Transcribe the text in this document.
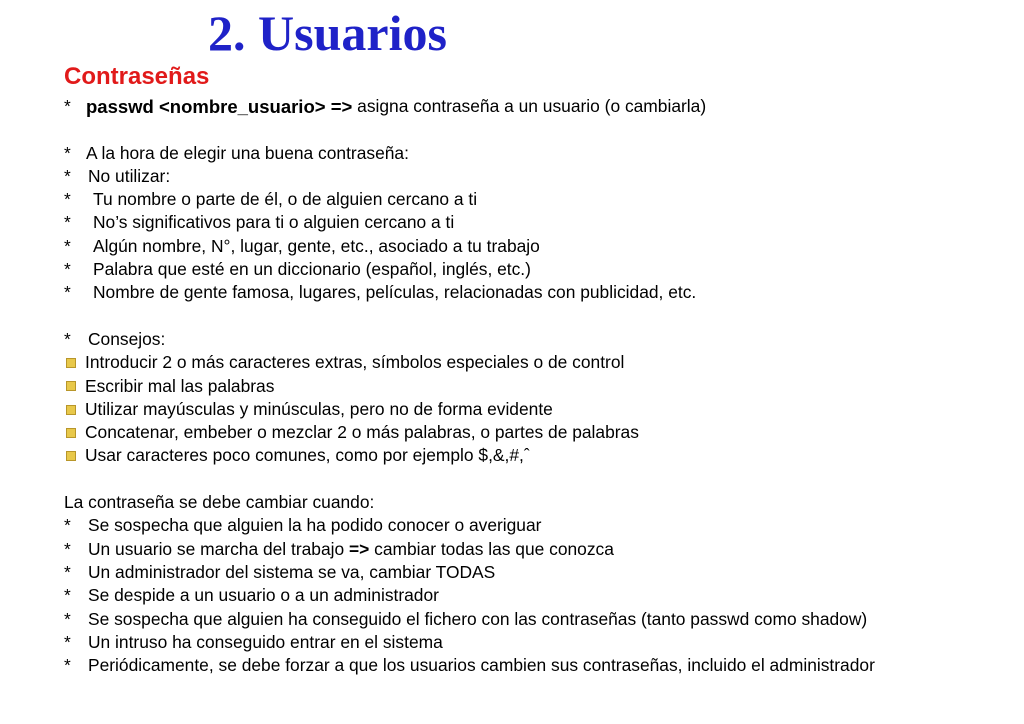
2. Usuarios
Contraseñas
* passwd <nombre_usuario> => asigna contraseña a un usuario (o cambiarla)
* A la hora de elegir una buena contraseña:
* No utilizar:
*	Tu nombre o parte de él, o de alguien cercano a ti
*	No’s significativos para ti o alguien cercano a ti
*	Algún nombre, N°, lugar, gente, etc., asociado a tu trabajo
*	Palabra que esté en un diccionario (español, inglés, etc.)
*	Nombre de gente famosa, lugares, películas, relacionadas con publicidad, etc.
* Consejos:
Introducir 2 o más caracteres extras, símbolos especiales o de control
Escribir mal las palabras
Utilizar mayúsculas y minúsculas, pero no de forma evidente
Concatenar, embeber o mezclar 2 o más palabras, o partes de palabras
Usar caracteres poco comunes, como por ejemplo $,&,#,ˆ
La contraseña se debe cambiar cuando:
* Se sospecha que alguien la ha podido conocer o averiguar
* Un usuario se marcha del trabajo
=> cambiar todas las que conozca
* Un administrador del sistema se va, cambiar TODAS
* Se despide a un usuario o a un administrador
* Se sospecha que alguien ha conseguido el fichero con las contraseñas (tanto passwd como shadow)
* Un intruso ha conseguido entrar en el sistema
* Periódicamente, se debe forzar a que los usuarios cambien sus contraseñas, incluido el administrador
